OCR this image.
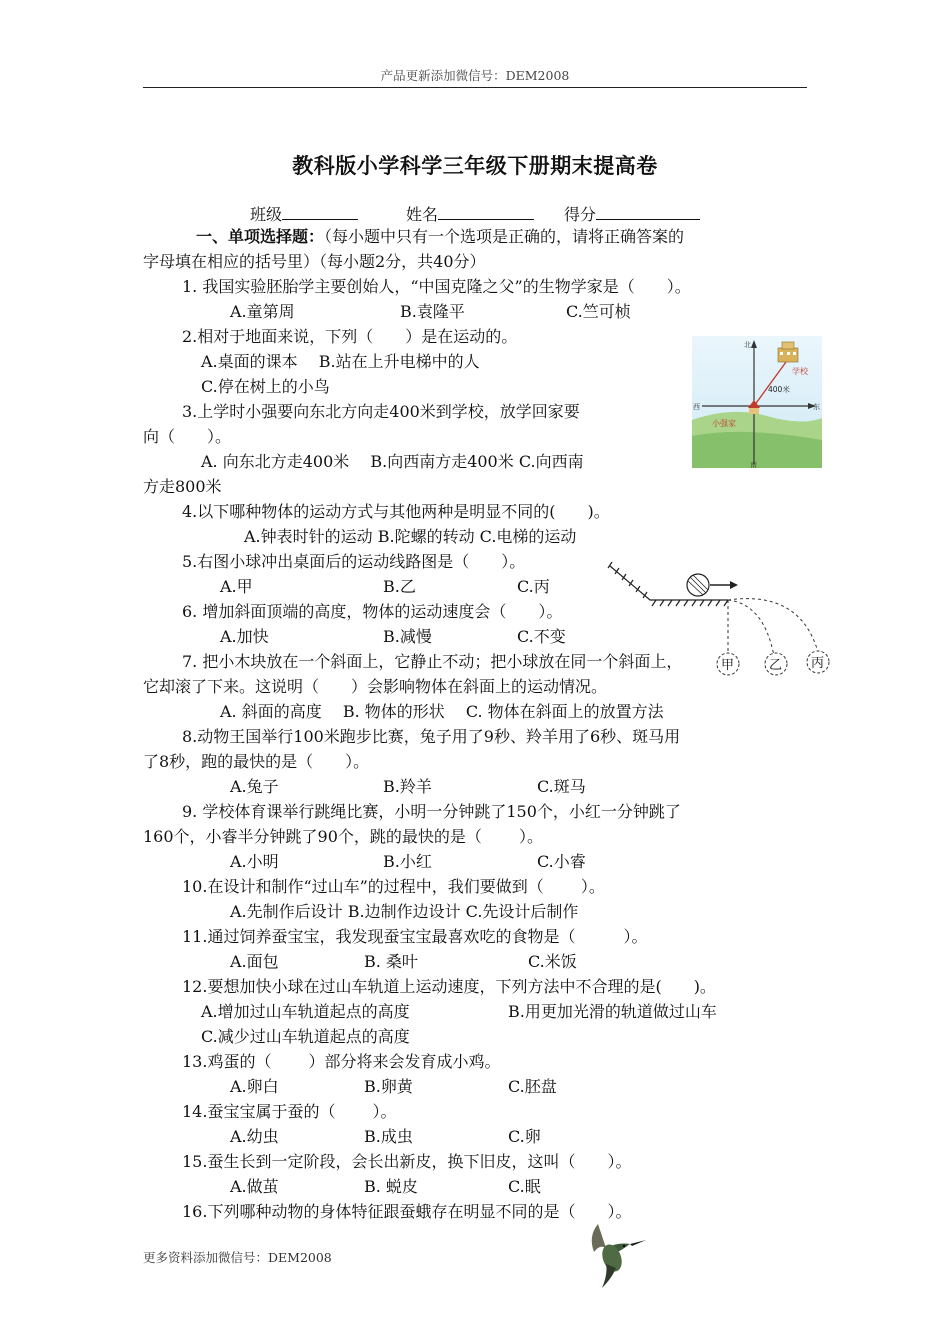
产品更新添加微信号：DEM2008
教科版小学科学三年级下册期末提高卷
班级	姓名	得分
一、单项选择题：（每小题中只有一个选项是正确的，请将正确答案的
字母填在相应的括号里）（每小题2分，共40分）
1. 我国实验胚胎学主要创始人，“中国克隆之父”的生物学家是（　　）。
A.童第周	B.袁隆平	C.竺可桢
2.相对于地面来说，下列（　　）是在运动的。
A.桌面的课本　 B.站在上升电梯中的人
C.停在树上的小鸟
3.上学时小强要向东北方向走400米到学校，放学回家要
向（　　）。
A. 向东北方走400米　 B.向西南方走400米 C.向西南
方走800米
4.以下哪种物体的运动方式与其他两种是明显不同的(　　)。
A.钟表时针的运动 B.陀螺的转动 C.电梯的运动
5.右图小球冲出桌面后的运动线路图是（　　）。
A.甲	B.乙	C.丙
6. 增加斜面顶端的高度，物体的运动速度会（　　）。
A.加快	B.减慢	C.不变
7. 把小木块放在一个斜面上，它静止不动；把小球放在同一个斜面上，
它却滚了下来。这说明（　　）会影响物体在斜面上的运动情况。
A. 斜面的高度　 B. 物体的形状　 C. 物体在斜面上的放置方法
8.动物王国举行100米跑步比赛，兔子用了9秒、羚羊用了6秒、斑马用
了8秒，跑的最快的是（　　）。
A.兔子	B.羚羊	C.斑马
9. 学校体育课举行跳绳比赛，小明一分钟跳了150个，小红一分钟跳了
160个，小睿半分钟跳了90个，跳的最快的是（　　 ）。
A.小明	B.小红	C.小睿
10.在设计和制作“过山车”的过程中，我们要做到（　　 ）。
A.先制作后设计 B.边制作边设计 C.先设计后制作
11.通过饲养蚕宝宝，我发现蚕宝宝最喜欢吃的食物是（　　　）。
A.面包	B. 桑叶	C.米饭
12.要想加快小球在过山车轨道上运动速度，下列方法中不合理的是(　　)。
A.增加过山车轨道起点的高度	B.用更加光滑的轨道做过山车
C.减少过山车轨道起点的高度
13.鸡蛋的（　　 ）部分将来会发育成小鸡。
A.卵白	B.卵黄	C.胚盘
14.蚕宝宝属于蚕的（　　 ）。
A.幼虫	B.成虫	C.卵
15.蚕生长到一定阶段，会长出新皮，换下旧皮，这叫（　　）。
A.做茧	B. 蜕皮	C.眠
16.下列哪种动物的身体特征跟蚕蛾存在明显不同的是（　　）。
北
南
西	东
学校
400米
小强家
甲	乙 丙
更多资料添加微信号：DEM2008
